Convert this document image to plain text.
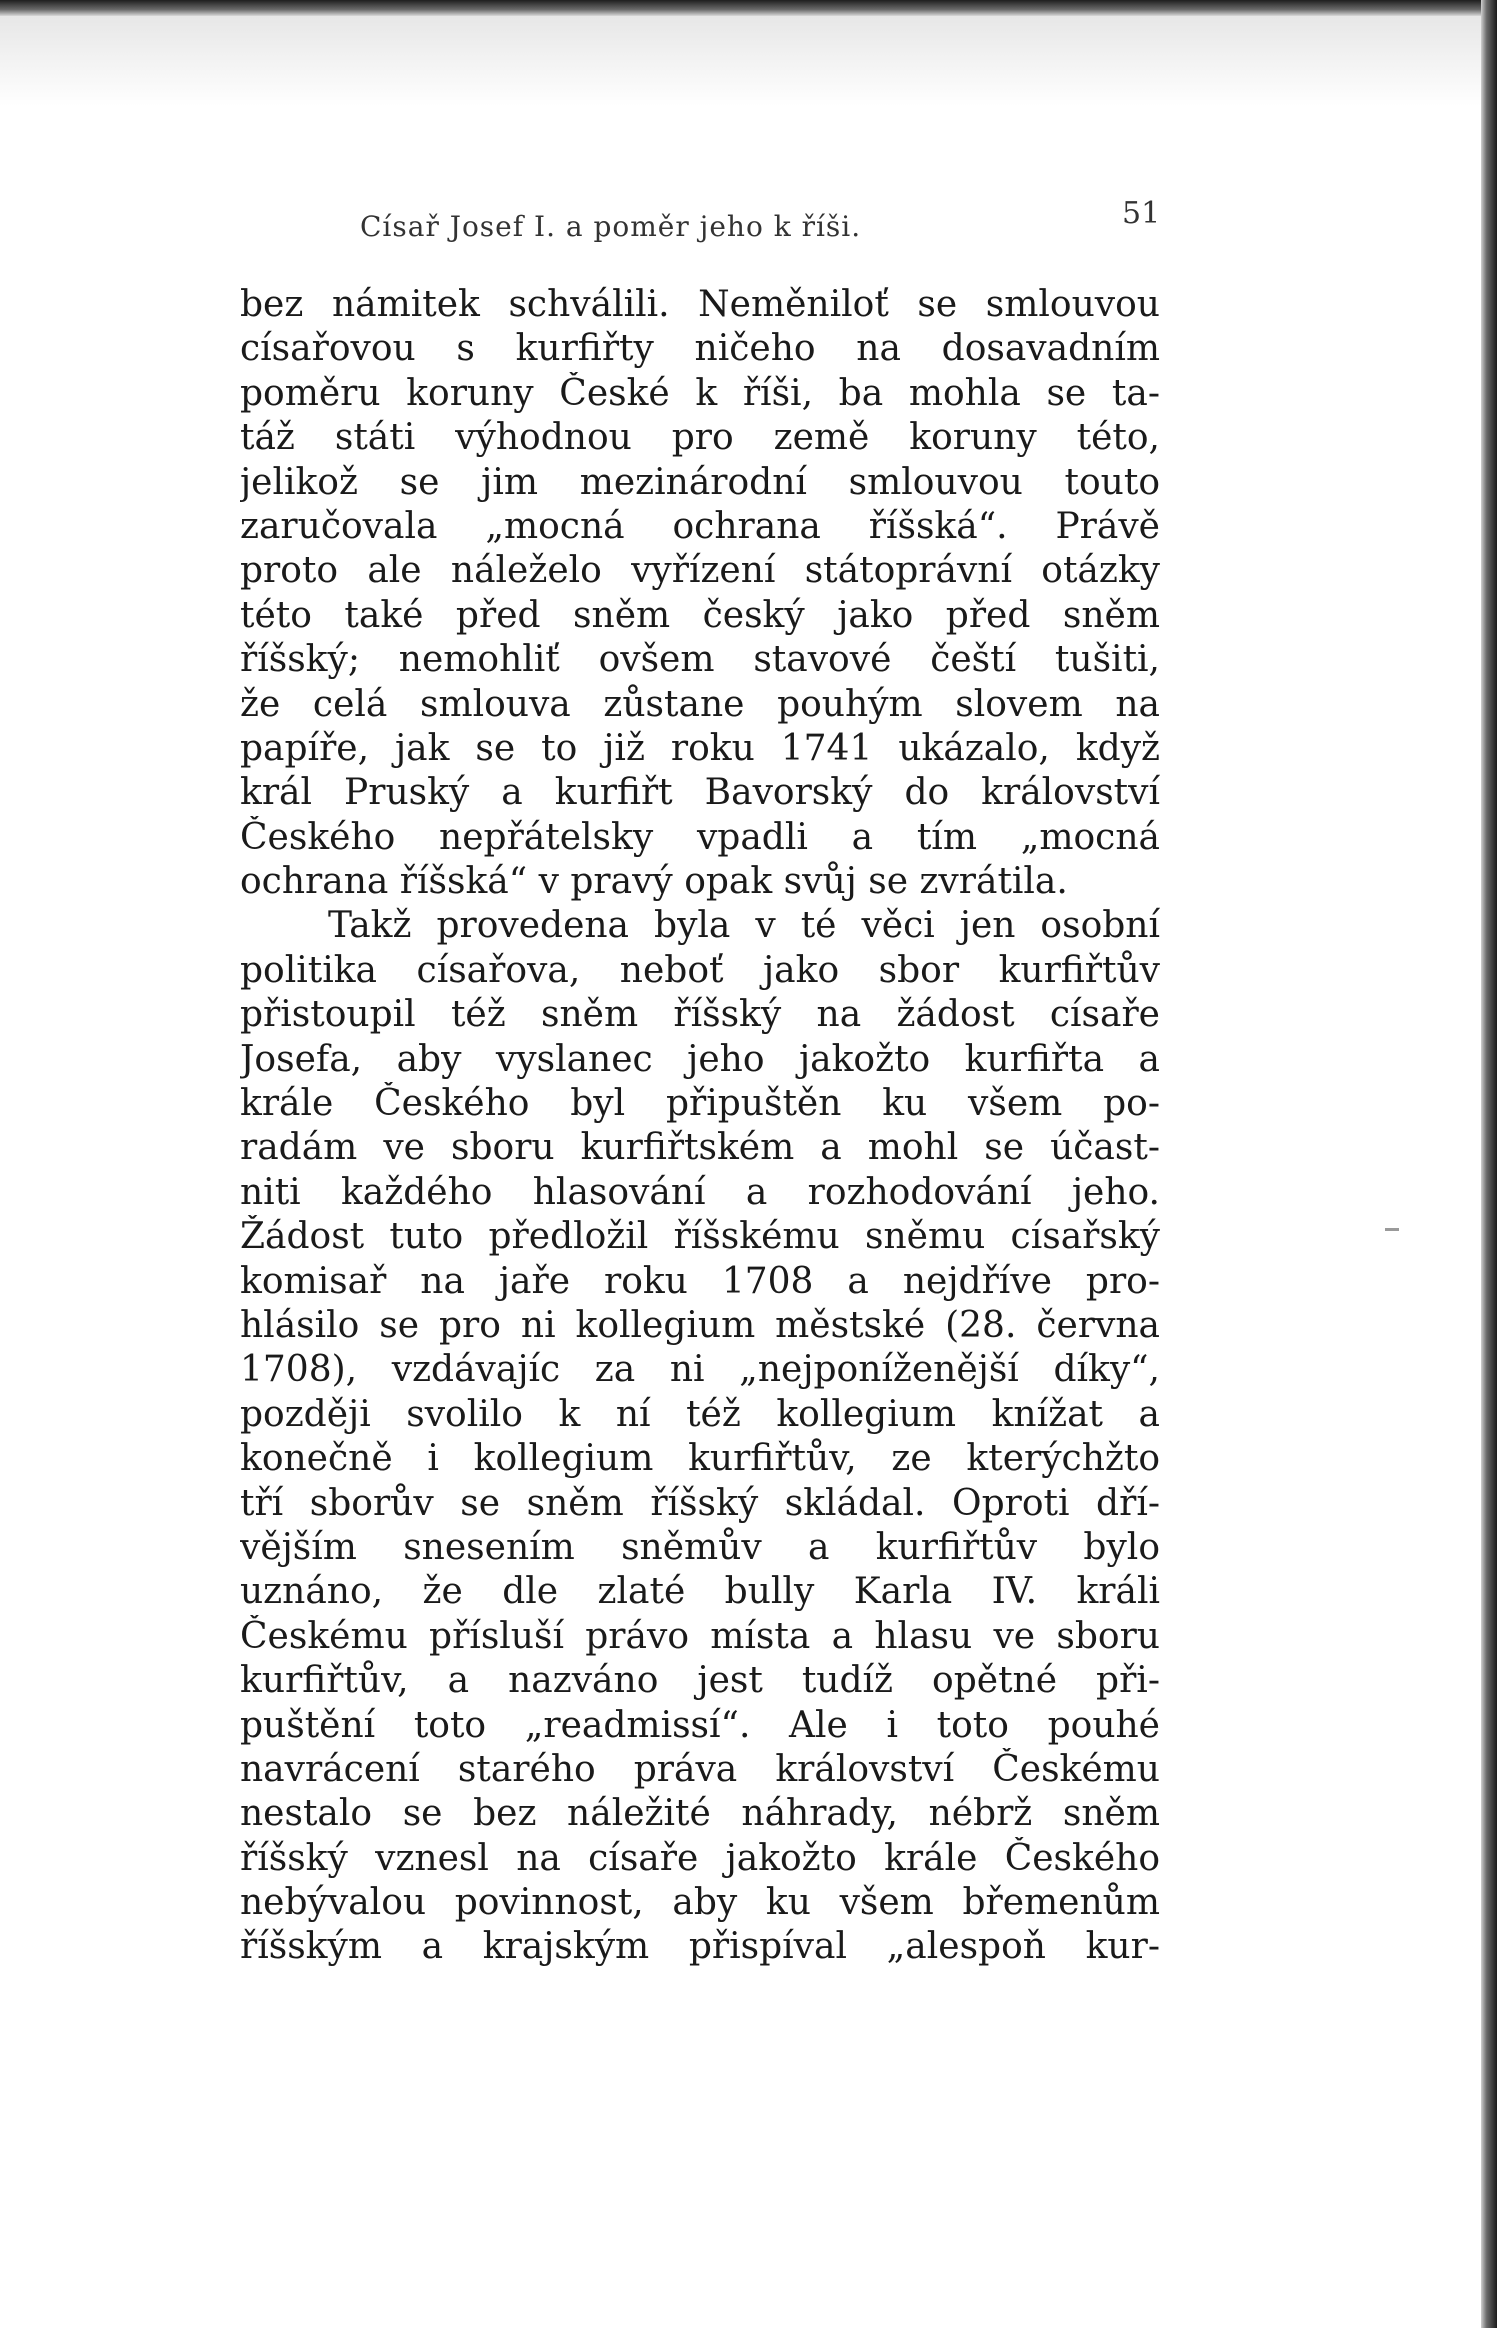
Císař Josef I. a poměr jeho k říši.	51
bez námitek schválili. Neměniloť se smlouvou
císařovou s kurfiřty ničeho na dosavadním
poměru koruny České k říši, ba mohla se ta-
táž státi výhodnou pro země koruny této,
jelikož se jim mezinárodní smlouvou touto
zaručovala „mocná ochrana říšská“. Právě
proto ale náleželo vyřízení státoprávní otázky
této také před sněm český jako před sněm
říšský; nemohliť ovšem stavové čeští tušiti,
že celá smlouva zůstane pouhým slovem na
papíře, jak se to již roku 1741 ukázalo, když
král Pruský a kurfiřt Bavorský do království
Českého nepřátelsky vpadli a tím „mocná
ochrana říšská“ v pravý opak svůj se zvrátila.
Takž provedena byla v té věci jen osobní
politika císařova, neboť jako sbor kurfiřtův
přistoupil též sněm říšský na žádost císaře
Josefa, aby vyslanec jeho jakožto kurfiřta a
krále Českého byl připuštěn ku všem po-
radám ve sboru kurfiřtském a mohl se účast-
niti každého hlasování a rozhodování jeho.
Žádost tuto předložil říšskému sněmu císařský
komisař na jaře roku 1708 a nejdříve pro-
hlásilo se pro ni kollegium městské (28. června
1708), vzdávajíc za ni „nejponíženější díky“,
později svolilo k ní též kollegium knížat a
konečně i kollegium kurfiřtův, ze kterýchžto
tří sborův se sněm říšský skládal. Oproti dří-
vějším snesením sněmův a kurfiřtův bylo
uznáno, že dle zlaté bully Karla IV. králi
Českému přísluší právo místa a hlasu ve sboru
kurfiřtův, a nazváno jest tudíž opětné při-
puštění toto „readmissí“. Ale i toto pouhé
navrácení starého práva království Českému
nestalo se bez náležité náhrady, nébrž sněm
říšský vznesl na císaře jakožto krále Českého
nebývalou povinnost, aby ku všem břemenům
říšským a krajským přispíval „alespoň kur-
